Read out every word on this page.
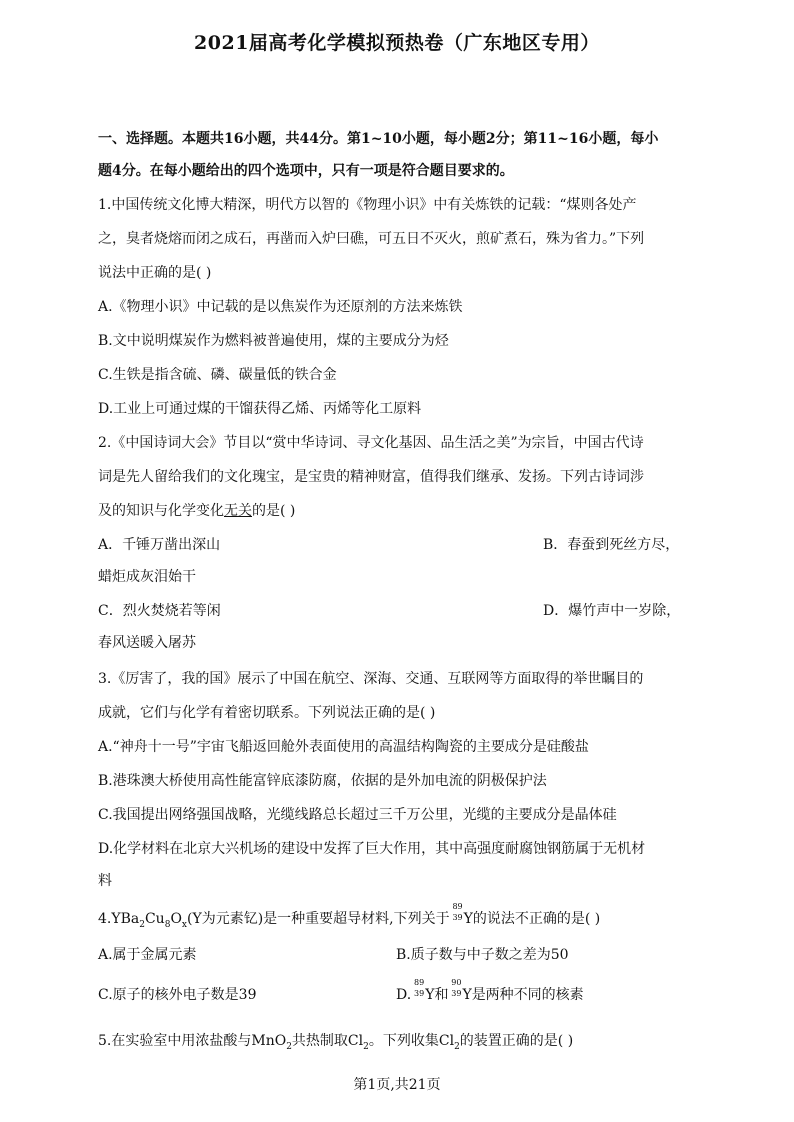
2021届高考化学模拟预热卷（广东地区专用）
一、选择题。本题共16小题，共44分。第1~10小题，每小题2分；第11~16小题，每小
题4分。在每小题给出的四个选项中，只有一项是符合题目要求的。
1.中国传统文化博大精深，明代方以智的《物理小识》中有关炼铁的记载：“煤则各处产
之，臭者烧熔而闭之成石，再凿而入炉曰礁，可五日不灭火，煎矿煮石，殊为省力。”下列
说法中正确的是( )
A.《物理小识》中记载的是以焦炭作为还原剂的方法来炼铁
B.文中说明煤炭作为燃料被普遍使用，煤的主要成分为烃
C.生铁是指含硫、磷、碳量低的铁合金
D.工业上可通过煤的干馏获得乙烯、丙烯等化工原料
2.《中国诗词大会》节目以“赏中华诗词、寻文化基因、品生活之美”为宗旨，中国古代诗
词是先人留给我们的文化瑰宝，是宝贵的精神财富，值得我们继承、发扬。下列古诗词涉
及的知识与化学变化无关的是( )
A．千锤万凿出深山	B．春蚕到死丝方尽，
蜡炬成灰泪始干
C．烈火焚烧若等闲	D．爆竹声中一岁除，
春风送暖入屠苏
3.《厉害了，我的国》展示了中国在航空、深海、交通、互联网等方面取得的举世瞩目的
成就，它们与化学有着密切联系。下列说法正确的是( )
A.“神舟十一号”宇宙飞船返回舱外表面使用的高温结构陶瓷的主要成分是硅酸盐
B.港珠澳大桥使用高性能富锌底漆防腐，依据的是外加电流的阴极保护法
C.我国提出网络强国战略，光缆线路总长超过三千万公里，光缆的主要成分是晶体硅
D.化学材料在北京大兴机场的建设中发挥了巨大作用，其中高强度耐腐蚀钢筋属于无机材
料
$4.YBa_2Cu_8O_x(Y$为元素钇)是一种重要超导材料,下列关于
89
39 Y的说法不正确的是( )
A.属于金属元素	B.质子数与中子数之差为50
C.原子的核外电子数是39	D.
89
39 Y和
90
39 Y是两种不同的核素
5.在实验室中用浓盐酸与MnO$_2$共热制取$Cl_2$。下列收集$Cl_2$的装置正确的是( )
第1页,共21页
